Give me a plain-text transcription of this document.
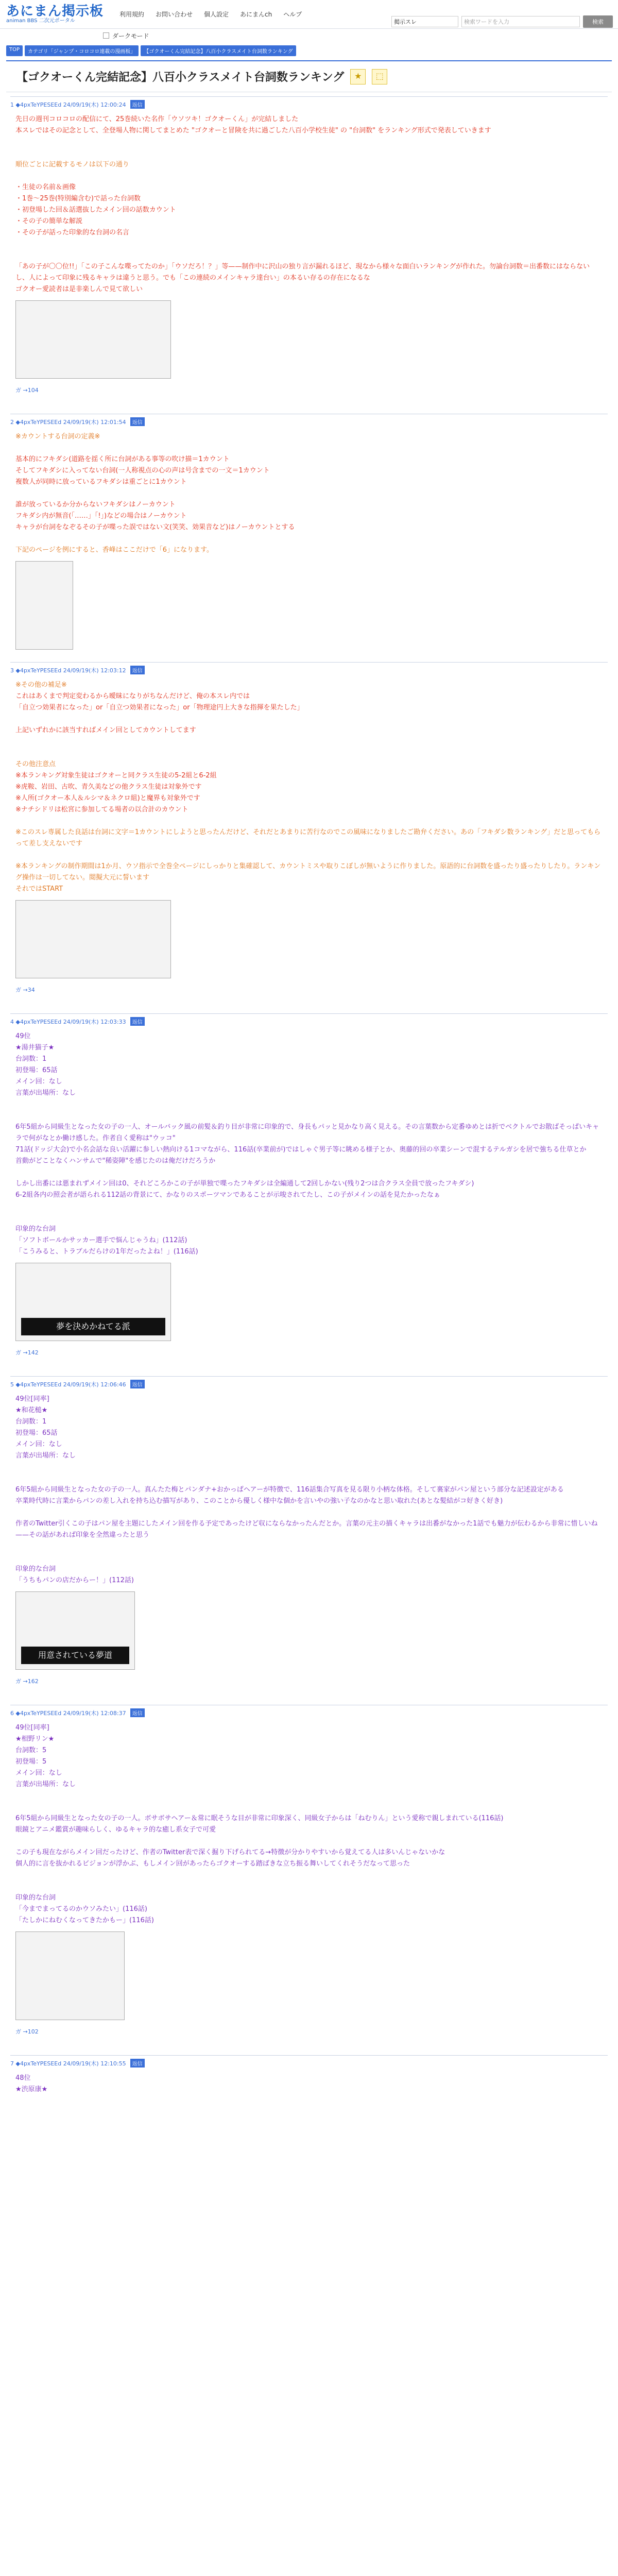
あにまん掲示板
animan BBS 二次元ポータル
利用規約 お問い合わせ 個人設定 あにまんch ヘルプ
掲示スレ	検索ワードを入力	検索
ダークモード
TOP	カテゴリ「ジャンプ・コロコロ連載の漫画板」	【ゴクオーくん完結記念】八百小クラスメイト台詞数ランキング
【ゴクオーくん完結記念】八百小クラスメイト台詞数ランキング	★	⬚
1 ◆4pxTeYPESEEd 24/09/19(木) 12:00:24	返信

先日の週刊コロコロの配信にて、25巻続いた名作「ウソツキ！ゴクオーくん」が完結しました

本スレではその記念として、全登場人物に関してまとめた "ゴクオーと冒険を共に過ごした八百小学校生徒" の "台詞数" をランキング形式で発表していきます

順位ごとに記載するモノは以下の通り

・生徒の名前＆画像

・1巻〜25巻(特別編含む)で話った台詞数

・初登場した回＆話選抜したメイン回の話数カウント

・その子の簡単な解説

・その子が話った印象的な台詞の名言

「あの子が〇〇位!!」「この子こんな喋ってたのか」「ウソだろ！？」等——制作中に沢山の独り言が漏れるほど、現なから様々な面白いランキングが作れた。勿論台詞数＝出番数にはならないし、人によって印象に残るキャラは違うと思う。でも「この連続のメインキャラ達台い」の本るい存るの存在になるな

ゴクオー愛読者は是非楽しんで見て欲しい

ガ →104
2 ◆4pxTeYPESEEd 24/09/19(木) 12:01:54	返信

※カウントする台詞の定義※

基本的にフキダシ(道路を揺く所に台詞がある事等の吹け描＝1カウント

そしてフキダシに入ってない台詞(一人称視点の心の声は号含までの一文＝1カウント

複数人が同時に放っているフキダシは重ごとに1カウント

誰が放っているか分からないフキダシはノーカウント

フキダシ内が無音(「……」「!」)などの場合はノーカウント

キャラが台詞をなぞるその子が喋った誤ではない文(笑笑、効果音など)はノーカウントとする

下記のページを例にすると、香峰はここだけで「6」になります。

3 ◆4pxTeYPESEEd 24/09/19(木) 12:03:12	返信

※その他の補足※

これはあくまで判定変わるから曖昧になりがちなんだけど、俺の本スレ内では

「自立つ効果者になった」or「自立つ効果者になった」or「物理途円上大きな指揮を果たした」

上記いずれかに該当すればメイン回としてカウントしてます

その他注意点

※本ランキング対象生徒はゴクオーと同クラス生徒の5-2組と6-2組

※虎鞍、岩田、古吹、青久美などの他クラス生徒は対象外です

※人所(ゴクオー本人＆ルシマ＆ネクロ組)と魔界も対象外です

※ナチシドリは松宮に参加してる場者の以合計のカウント

※このスレ専属した良話は台詞に文字＝1カウントにしようと思ったんだけど、それだとあまりに苦行なのでこの風味になりましたご勘弁ください。あの「フキダシ数ランキング」だと思ってもらって差し支えないです

※本ランキングの制作期間は1か月、ウソ指示で全巻全ページにしっかりと集確認して、カウントミスや取りこぼしが無いように作りました。原語的に台詞数を盛ったり盛ったりしたり。ランキング操作は一切してない。閲擬大元に誓います

それではSTART

ガ →34
4 ◆4pxTeYPESEEd 24/09/19(木) 12:03:33	返信

49位

★湯井猫子★

台詞数：1

初登場：65話

メイン回：なし

言葉が出場所：なし

6年5組から同級生となった女の子の一人、オールバック風の前髪＆釣り目が非常に印象的で、身長もパッと見かなり高く見える。その言葉数から定番ゆめとは折でベクトルでお散ばそっぱいキャラで何がなとか働け感した。作者自く愛称は"ウッコ"

71話(ドッジ大会)で小名会話な良い活躍に参しい熱向ける1コマながら、116話(卒業前が)ではしゃぐ男子等に眺める様子とか、奥藤的回の卒業シーンで混するテルガシを居で強ちる仕草とか

首動がどことなくハンサムで"稀姿陣"を感じたのは俺だけだろうか

しかし出番には悪まれずメイン回は0、それどころかこの子が単独で喋ったフキダシは全編通して2回しかない(残り2つは合クラス全員で放ったフキダシ)

6-2組各内の照会者が語られる112話の背景にて、かなりのスポーツマンであることが示唆されてたし、この子がメインの話を見たかったなぁ

印象的な台詞

「ソフトボールかサッカー選手で悩んじゃうね」(112話)

「こうみると、トラブルだらけの1年だったよね！」(116話)

夢を決めかねてる派
ガ →142
5 ◆4pxTeYPESEEd 24/09/19(木) 12:06:46	返信

49位[同率]

★和花槌★

台詞数：1

初登場：65話

メイン回：なし

言葉が出場所：なし

6年5組から同級生となった女の子の一人。真んたた梅とパンダナ+おかっぱヘアーが特徴で、116話集合写真を見る限り小柄な体格。そして裏家がパン屋という部分な記述設定がある

卒業時代時に言業からパンの差し入れを持ち込む描写があり、このことから優しく様中な個かを言いやの強い子なのかなと思い取れた(あとな髪結がコ好きく好き)

作者のTwitter引くこの子はパン屋を主題にしたメイン回を作る予定であったけど収にならなかったんだとか。言葉の元主の描くキャラは出番がなかった1話でも魅力が伝わるから非常に惜しいね——その話があれば印象を全然違ったと思う

印象的な台詞

「うちもパンの店だからー！」(112話)

用意されている夢道
ガ →162
6 ◆4pxTeYPESEEd 24/09/19(木) 12:08:37	返信

49位[同率]

★相野リン★

台詞数：5

初登場：5

メイン回：なし

言葉が出場所：なし

6年5組から同級生となった女の子の一人。ボサボサヘアー＆常に眠そうな目が非常に印象深く、同級女子からは「ねむりん」という愛称で親しまれている(116話)

眼鏡とアニメ鑑賞が趣味らしく、ゆるキャラ的な癒し系女子で可愛

この子も現在ながらメイン回だったけど、作者のTwitter表で深く掘り下げられてる→特徴が分かりやすいから覚えてる人は多いんじゃないかな

個人的に言を抜かれるビジョンが浮かぶ、もしメイン回があったらゴクオーする踏ばきな立ち振る舞いしてくれそうだなって思った

印象的な台詞

「今までまってるのかウソみたい」(116話)

「たしかにねむくなってきたかもー」(116話)

ガ →102
7 ◆4pxTeYPESEEd 24/09/19(木) 12:10:55	返信

48位

★渋原康★
